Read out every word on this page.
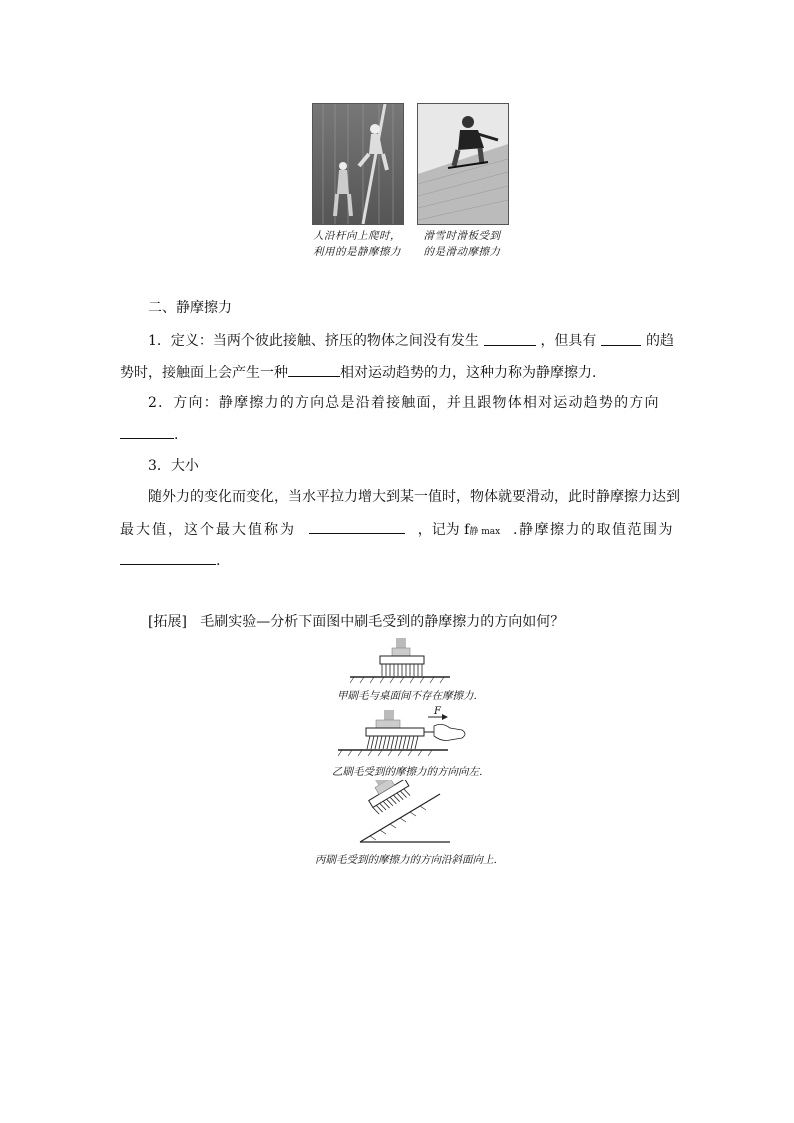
人沿杆向上爬时，
利用的是静摩擦力
滑雪时滑板受到
的是滑动摩擦力
二、静摩擦力
1．定义：当两个彼此接触、挤压的物体之间没有发生	，但具有	的趋
势时，接触面上会产生一种	相对运动趋势的力，这种力称为静摩擦力．
2．方向：静摩擦力的方向总是沿着接触面，并且跟物体相对运动趋势的方向
.
3．大小
随外力的变化而变化，当水平拉力增大到某一值时，物体就要滑动，此时静摩擦力达到
最大值，这个最大值称为	，记为 f静 max .静摩擦力的取值范围为
.
[拓展] 毛刷实验—分析下面图中刷毛受到的静摩擦力的方向如何？
甲刷毛与桌面间不存在摩擦力．
F
乙刷毛受到的摩擦力的方向向左．
丙刷毛受到的摩擦力的方向沿斜面向上．
